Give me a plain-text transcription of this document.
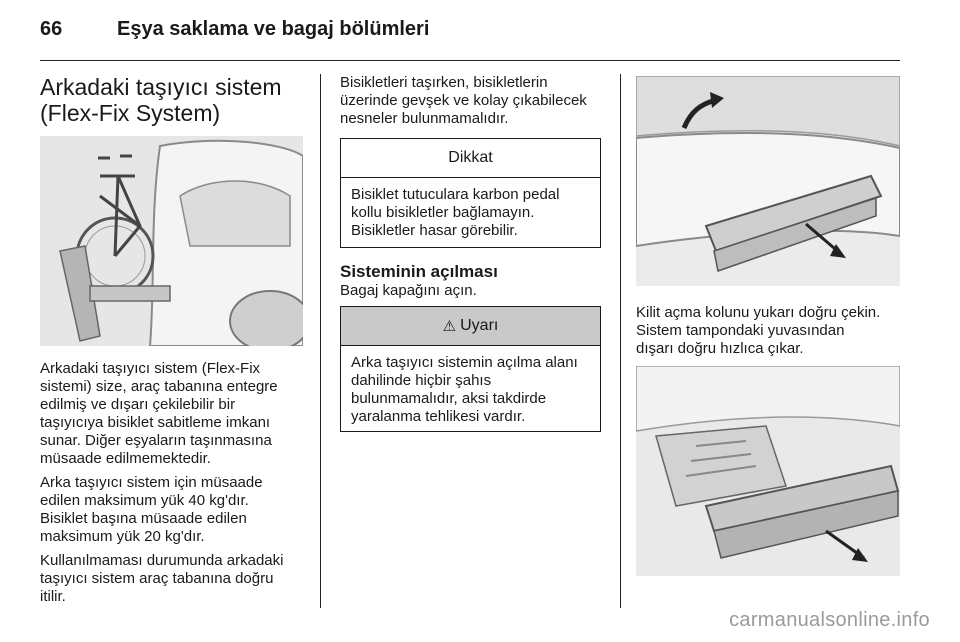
66	Eşya saklama ve bagaj bölümleri

Arkadaki taşıyıcı sistem
(Flex-Fix System)

Arkadaki taşıyıcı sistem (Flex-Fix
sistemi) size, araç tabanına entegre
edilmiş ve dışarı çekilebilir bir
taşıyıcıya bisiklet sabitleme imkanı
sunar. Diğer eşyaların taşınmasına
müsaade edilmemektedir.

Arka taşıyıcı sistem için müsaade
edilen maksimum yük 40 kg'dır.
Bisiklet başına müsaade edilen
maksimum yük 20 kg'dır.

Kullanılmaması durumunda arkadaki
taşıyıcı sistem araç tabanına doğru
itilir.

Bisikletleri taşırken, bisikletlerin
üzerinde gevşek ve kolay çıkabilecek
nesneler bulunmamalıdır.

Dikkat
Bisiklet tutuculara karbon pedal
kollu bisikletler bağlamayın.
Bisikletler hasar görebilir.

Sisteminin açılması

Bagaj kapağını açın.

⚠ Uyarı
Arka taşıyıcı sistemin açılma alanı
dahilinde hiçbir şahıs
bulunmamalıdır, aksi takdirde
yaralanma tehlikesi vardır.

Kilit açma kolunu yukarı doğru çekin.
Sistem tampondaki yuvasından
dışarı doğru hızlıca çıkar.

carmanualsonline.info
